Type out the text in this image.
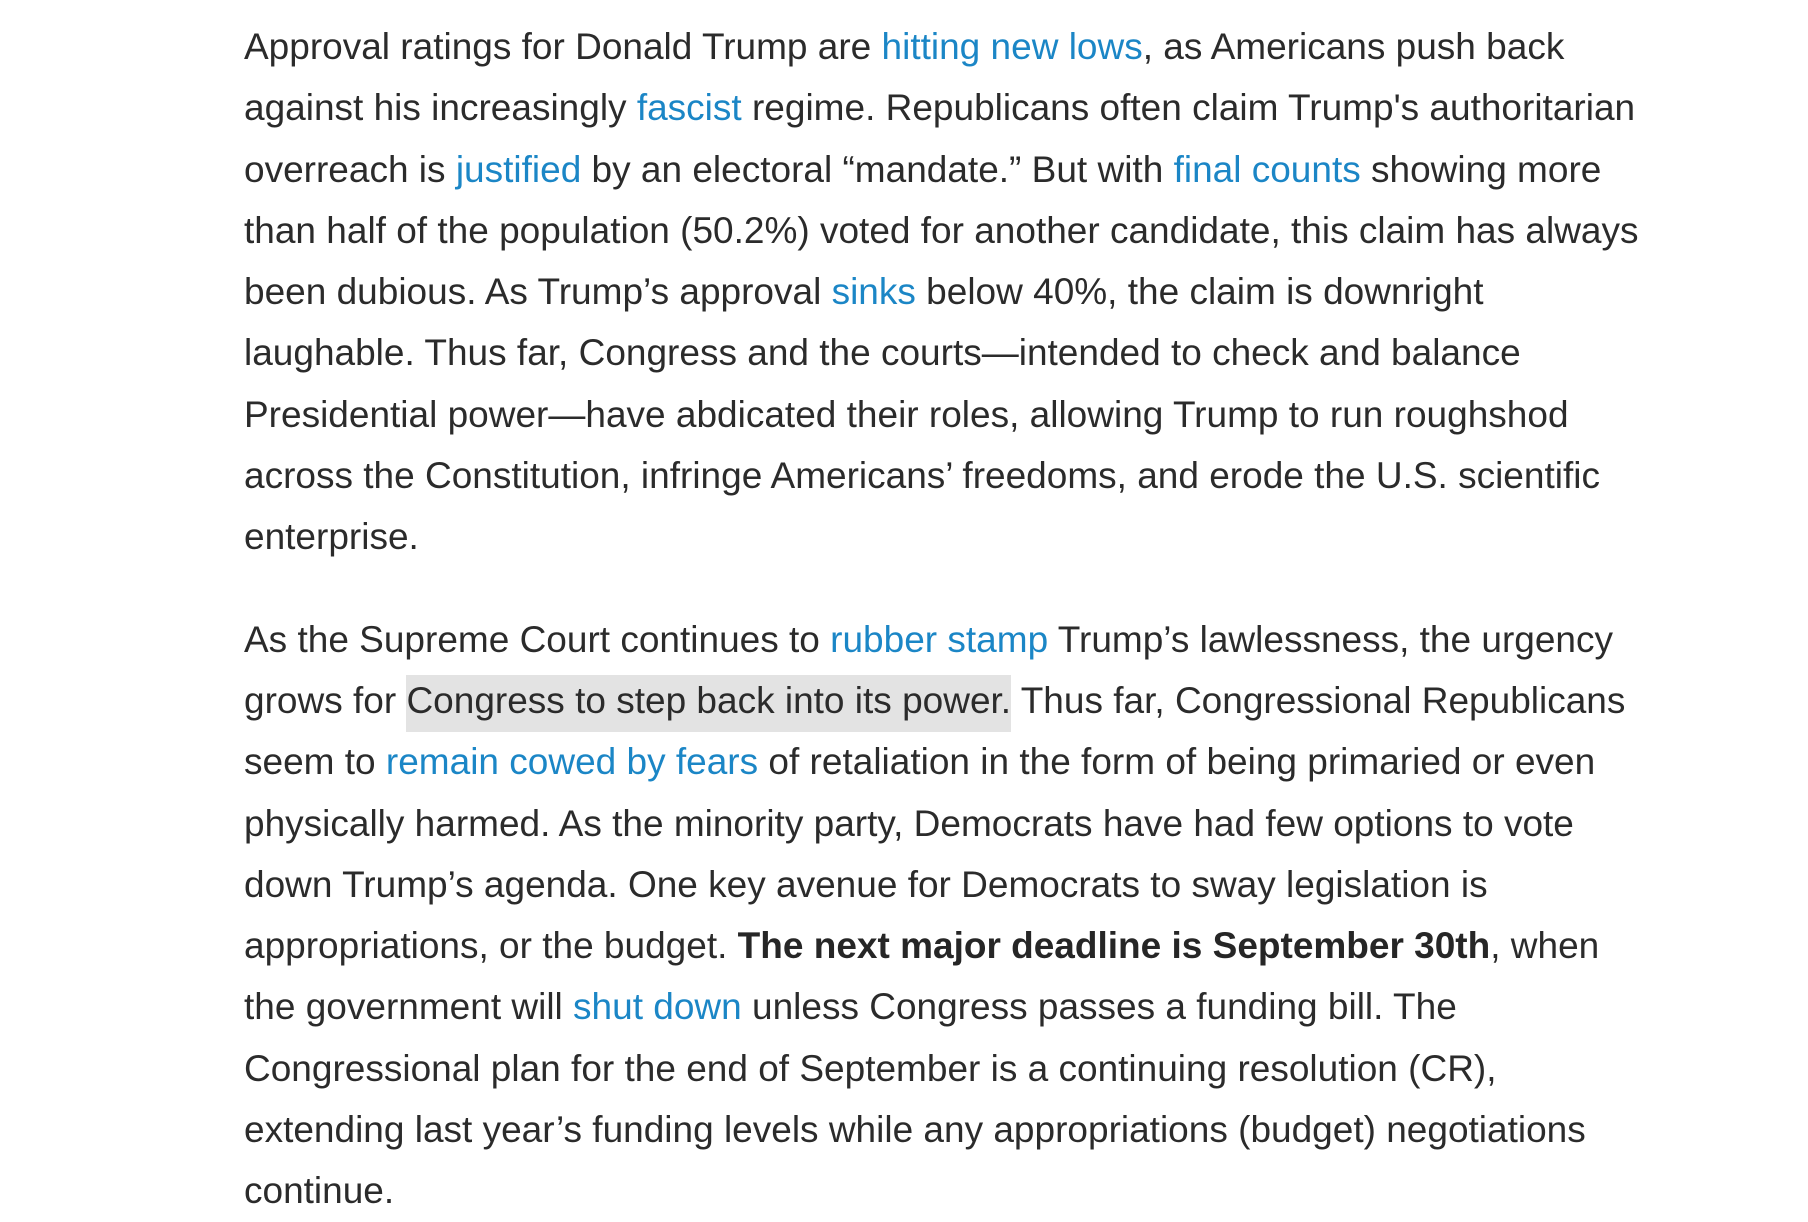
Approval ratings for Donald Trump are hitting new lows, as Americans push back
against his increasingly fascist regime. Republicans often claim Trump's authoritarian
overreach is justified by an electoral “mandate.” But with final counts showing more
than half of the population (50.2%) voted for another candidate, this claim has always
been dubious. As Trump’s approval sinks below 40%, the claim is downright
laughable. Thus far, Congress and the courts—intended to check and balance
Presidential power—have abdicated their roles, allowing Trump to run roughshod
across the Constitution, infringe Americans’ freedoms, and erode the U.S. scientific
enterprise.

As the Supreme Court continues to rubber stamp Trump’s lawlessness, the urgency
grows for Congress to step back into its power. Thus far, Congressional Republicans
seem to remain cowed by fears of retaliation in the form of being primaried or even
physically harmed. As the minority party, Democrats have had few options to vote
down Trump’s agenda. One key avenue for Democrats to sway legislation is
appropriations, or the budget. The next major deadline is September 30th, when
the government will shut down unless Congress passes a funding bill. The
Congressional plan for the end of September is a continuing resolution (CR),
extending last year’s funding levels while any appropriations (budget) negotiations
continue.
